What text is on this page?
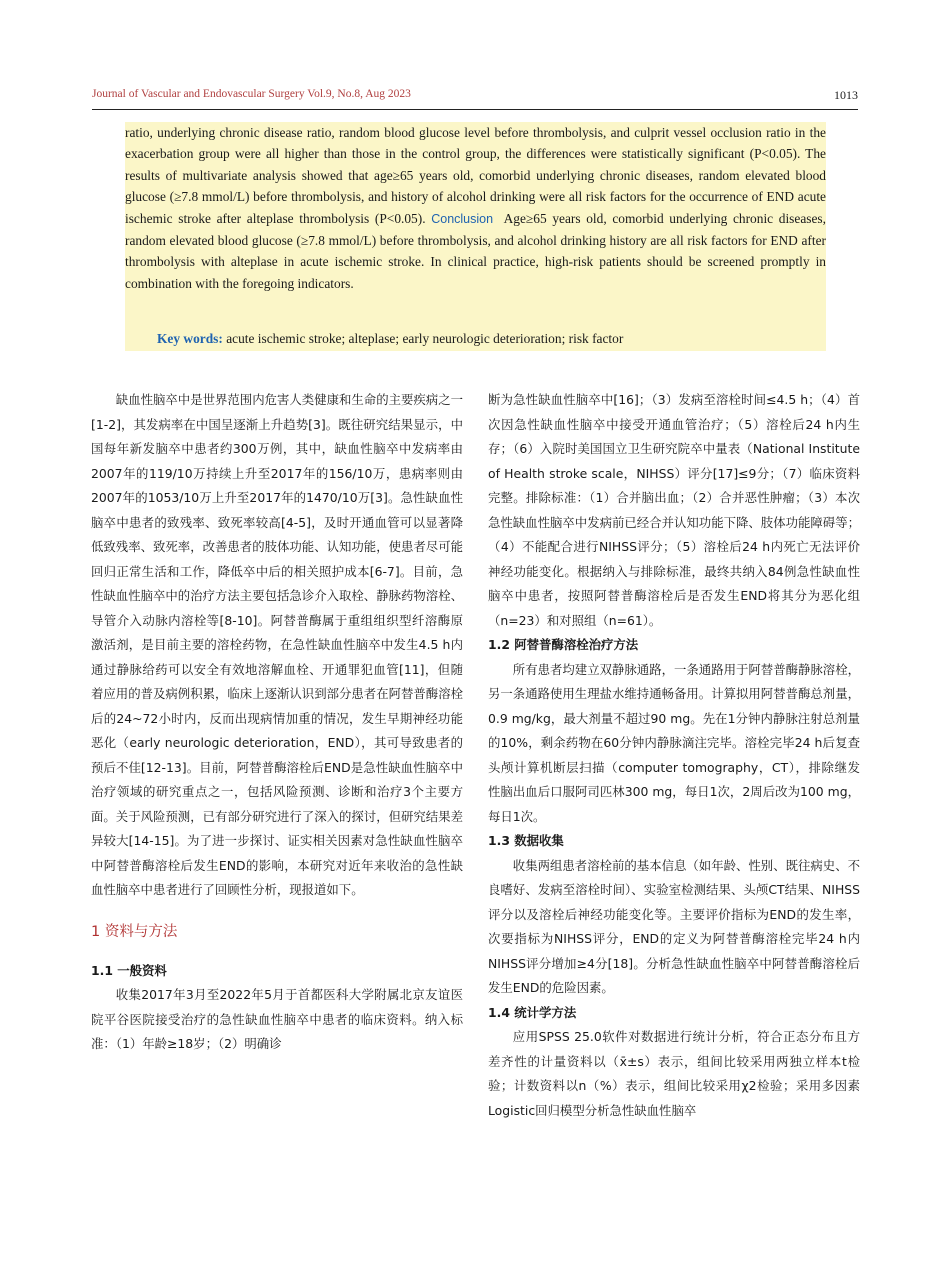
Journal of Vascular and Endovascular Surgery Vol.9, No.8, Aug 2023	1013
ratio, underlying chronic disease ratio, random blood glucose level before thrombolysis, and culprit vessel occlusion ratio in the exacerbation group were all higher than those in the control group, the differences were statistically significant (P<0.05). The results of multivariate analysis showed that age≥65 years old, comorbid underlying chronic diseases, random elevated blood glucose (≥7.8 mmol/L) before thrombolysis, and history of alcohol drinking were all risk factors for the occurrence of END acute ischemic stroke after alteplase thrombolysis (P<0.05). Conclusion Age≥65 years old, comorbid underlying chronic diseases, random elevated blood glucose (≥7.8 mmol/L) before thrombolysis, and alcohol drinking history are all risk factors for END after thrombolysis with alteplase in acute ischemic stroke. In clinical practice, high-risk patients should be screened promptly in combination with the foregoing indicators.
Key words: acute ischemic stroke; alteplase; early neurologic deterioration; risk factor

缺血性脑卒中是世界范围内危害人类健康和生命的主要疾病之一[1-2]，其发病率在中国呈逐渐上升趋势[3]。既往研究结果显示，中国每年新发脑卒中患者约300万例，其中，缺血性脑卒中发病率由2007年的119/10万持续上升至2017年的156/10万，患病率则由2007年的1053/10万上升至2017年的1470/10万[3]。急性缺血性脑卒中患者的致残率、致死率较高[4-5]，及时开通血管可以显著降低致残率、致死率，改善患者的肢体功能、认知功能，使患者尽可能回归正常生活和工作，降低卒中后的相关照护成本[6-7]。目前，急性缺血性脑卒中的治疗方法主要包括急诊介入取栓、静脉药物溶栓、导管介入动脉内溶栓等[8-10]。阿替普酶属于重组组织型纤溶酶原激活剂，是目前主要的溶栓药物，在急性缺血性脑卒中发生4.5 h内通过静脉给药可以安全有效地溶解血栓、开通罪犯血管[11]，但随着应用的普及病例积累，临床上逐渐认识到部分患者在阿替普酶溶栓后的24~72小时内，反而出现病情加重的情况，发生早期神经功能恶化（early neurologic deterioration，END），其可导致患者的预后不佳[12-13]。目前，阿替普酶溶栓后END是急性缺血性脑卒中治疗领域的研究重点之一，包括风险预测、诊断和治疗3个主要方面。关于风险预测，已有部分研究进行了深入的探讨，但研究结果差异较大[14-15]。为了进一步探讨、证实相关因素对急性缺血性脑卒中阿替普酶溶栓后发生END的影响，本研究对近年来收治的急性缺血性脑卒中患者进行了回顾性分析，现报道如下。

1 资料与方法
1.1 一般资料

收集2017年3月至2022年5月于首都医科大学附属北京友谊医院平谷医院接受治疗的急性缺血性脑卒中患者的临床资料。纳入标准：（1）年龄≥18岁；（2）明确诊

断为急性缺血性脑卒中[16]；（3）发病至溶栓时间≤4.5 h；（4）首次因急性缺血性脑卒中接受开通血管治疗；（5）溶栓后24 h内生存；（6）入院时美国国立卫生研究院卒中量表（National Institute of Health stroke scale，NIHSS）评分[17]≤9分；（7）临床资料完整。排除标准：（1）合并脑出血；（2）合并恶性肿瘤；（3）本次急性缺血性脑卒中发病前已经合并认知功能下降、肢体功能障碍等；（4）不能配合进行NIHSS评分；（5）溶栓后24 h内死亡无法评价神经功能变化。根据纳入与排除标准，最终共纳入84例急性缺血性脑卒中患者，按照阿替普酶溶栓后是否发生END将其分为恶化组（n=23）和对照组（n=61）。

1.2 阿替普酶溶栓治疗方法

所有患者均建立双静脉通路，一条通路用于阿替普酶静脉溶栓，另一条通路使用生理盐水维持通畅备用。计算拟用阿替普酶总剂量，0.9 mg/kg，最大剂量不超过90 mg。先在1分钟内静脉注射总剂量的10%，剩余药物在60分钟内静脉滴注完毕。溶栓完毕24 h后复查头颅计算机断层扫描（computer tomography，CT），排除继发性脑出血后口服阿司匹林300 mg，每日1次，2周后改为100 mg，每日1次。

1.3 数据收集

收集两组患者溶栓前的基本信息（如年龄、性别、既往病史、不良嗜好、发病至溶栓时间）、实验室检测结果、头颅CT结果、NIHSS评分以及溶栓后神经功能变化等。主要评价指标为END的发生率，次要指标为NIHSS评分，END的定义为阿替普酶溶栓完毕24 h内NIHSS评分增加≥4分[18]。分析急性缺血性脑卒中阿替普酶溶栓后发生END的危险因素。

1.4 统计学方法

应用SPSS 25.0软件对数据进行统计分析，符合正态分布且方差齐性的计量资料以（x̄±s）表示，组间比较采用两独立样本t检验；计数资料以n（%）表示，组间比较采用χ2检验；采用多因素Logistic回归模型分析急性缺血性脑卒
